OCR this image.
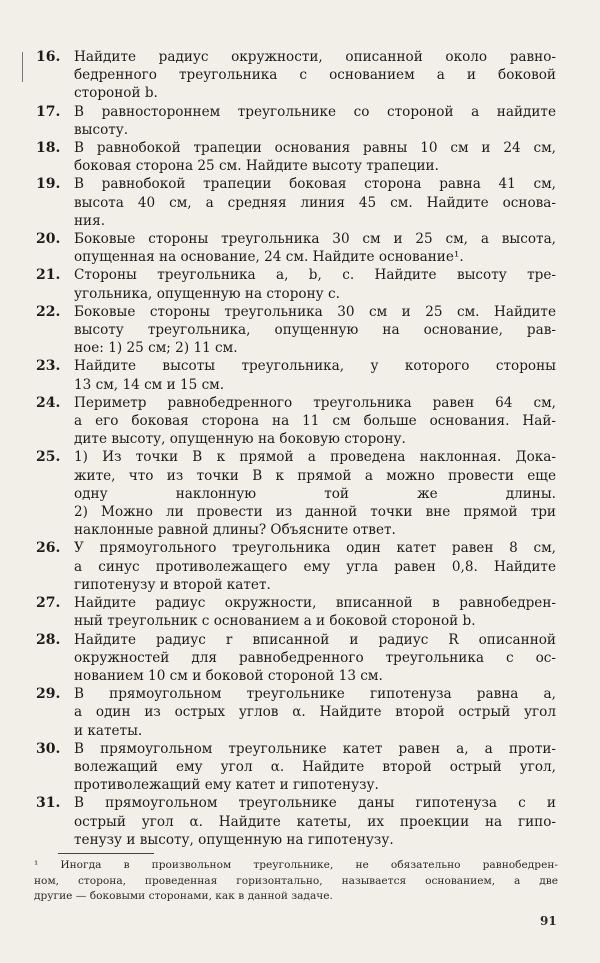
16. Найдите радиус окружности, описанной около равно-
бедренного треугольника с основанием a и боковой
стороной b.
17. В равностороннем треугольнике со стороной a найдите
высоту.
18. В равнобокой трапеции основания равны 10 см и 24 см,
боковая сторона 25 см. Найдите высоту трапеции.
19. В равнобокой трапеции боковая сторона равна 41 см,
высота 40 см, а средняя линия 45 см. Найдите основа-
ния.
20. Боковые стороны треугольника 30 см и 25 см, а высота,
опущенная на основание, 24 см. Найдите основание¹.
21. Стороны треугольника a, b, c. Найдите высоту тре-
угольника, опущенную на сторону c.
22. Боковые стороны треугольника 30 см и 25 см. Найдите
высоту треугольника, опущенную на основание, рав-
ное: 1) 25 см; 2) 11 см.
23. Найдите высоты треугольника, у которого стороны
13 см, 14 см и 15 см.
24. Периметр равнобедренного треугольника равен 64 см,
а его боковая сторона на 11 см больше основания. Най-
дите высоту, опущенную на боковую сторону.
25. 1) Из точки B к прямой a проведена наклонная. Дока-
жите, что из точки B к прямой a можно провести еще
одну наклонную той же длины.
2) Можно ли провести из данной точки вне прямой три
наклонные равной длины? Объясните ответ.
26. У прямоугольного треугольника один катет равен 8 см,
а синус противолежащего ему угла равен 0,8. Найдите
гипотенузу и второй катет.
27. Найдите радиус окружности, вписанной в равнобедрен-
ный треугольник с основанием a и боковой стороной b.
28. Найдите радиус r вписанной и радиус R описанной
окружностей для равнобедренного треугольника с ос-
нованием 10 см и боковой стороной 13 см.
29. В прямоугольном треугольнике гипотенуза равна a,
а один из острых углов α. Найдите второй острый угол
и катеты.
30. В прямоугольном треугольнике катет равен a, а проти-
волежащий ему угол α. Найдите второй острый угол,
противолежащий ему катет и гипотенузу.
31. В прямоугольном треугольнике даны гипотенуза c и
острый угол α. Найдите катеты, их проекции на гипо-
тенузу и высоту, опущенную на гипотенузу.
¹ Иногда в произвольном треугольнике, не обязательно равнобедрен-
ном, сторона, проведенная горизонтально, называется основанием, а две
другие — боковыми сторонами, как в данной задаче.
91
